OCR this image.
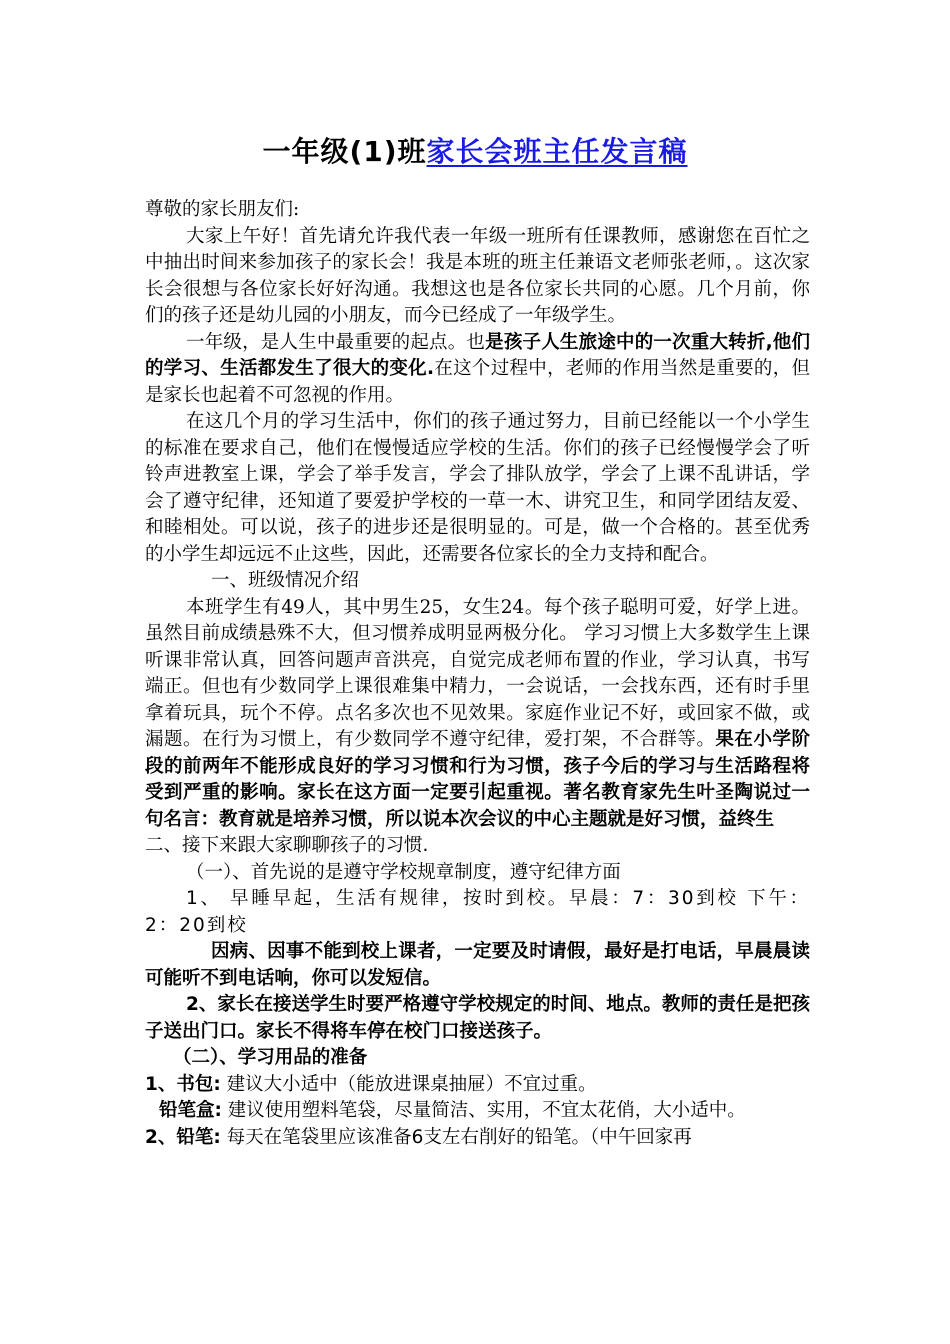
一年级(1)班家长会班主任发言稿

尊敬的家长朋友们:

大家上午好！首先请允许我代表一年级一班所有任课教师，感谢您在百忙之中抽出时间来参加孩子的家长会！我是本班的班主任兼语文老师张老师，。这次家长会很想与各位家长好好沟通。我想这也是各位家长共同的心愿。几个月前，你们的孩子还是幼儿园的小朋友，而今已经成了一年级学生。

一年级，是人生中最重要的起点。也是孩子人生旅途中的一次重大转折,他们的学习、生活都发生了很大的变化.在这个过程中，老师的作用当然是重要的，但是家长也起着不可忽视的作用。

在这几个月的学习生活中，你们的孩子通过努力，目前已经能以一个小学生的标准在要求自己，他们在慢慢适应学校的生活。你们的孩子已经慢慢学会了听铃声进教室上课，学会了举手发言，学会了排队放学，学会了上课不乱讲话，学会了遵守纪律，还知道了要爱护学校的一草一木、讲究卫生，和同学团结友爱、和睦相处。可以说，孩子的进步还是很明显的。可是，做一个合格的。甚至优秀的小学生却远远不止这些，因此，还需要各位家长的全力支持和配合。

一、班级情况介绍

本班学生有49人，其中男生25，女生24。每个孩子聪明可爱，好学上进。虽然目前成绩悬殊不大，但习惯养成明显两极分化。 学习习惯上大多数学生上课听课非常认真，回答问题声音洪亮，自觉完成老师布置的作业，学习认真，书写端正。但也有少数同学上课很难集中精力，一会说话，一会找东西，还有时手里拿着玩具，玩个不停。点名多次也不见效果。家庭作业记不好，或回家不做，或漏题。在行为习惯上，有少数同学不遵守纪律，爱打架，不合群等。果在小学阶段的前两年不能形成良好的学习习惯和行为习惯，孩子今后的学习与生活路程将受到严重的影响。家长在这方面一定要引起重视。著名教育家先生叶圣陶说过一句名言：教育就是培养习惯，所以说本次会议的中心主题就是好习惯，益终生

二、接下来跟大家聊聊孩子的习惯.

（一）、首先说的是遵守学校规章制度，遵守纪律方面

1、 早睡早起，生活有规律，按时到校。早晨：7：30到校 下午：2：20到校

因病、因事不能到校上课者，一定要及时请假，最好是打电话，早晨晨读可能听不到电话响，你可以发短信。

2、家长在接送学生时要严格遵守学校规定的时间、地点。教师的责任是把孩子送出门口。家长不得将车停在校门口接送孩子。

（二）、学习用品的准备

1、书包: 建议大小适中（能放进课桌抽屉）不宜过重。

铅笔盒: 建议使用塑料笔袋，尽量简洁、实用，不宜太花俏，大小适中。

2、铅笔: 每天在笔袋里应该准备6支左右削好的铅笔。（中午回家再
